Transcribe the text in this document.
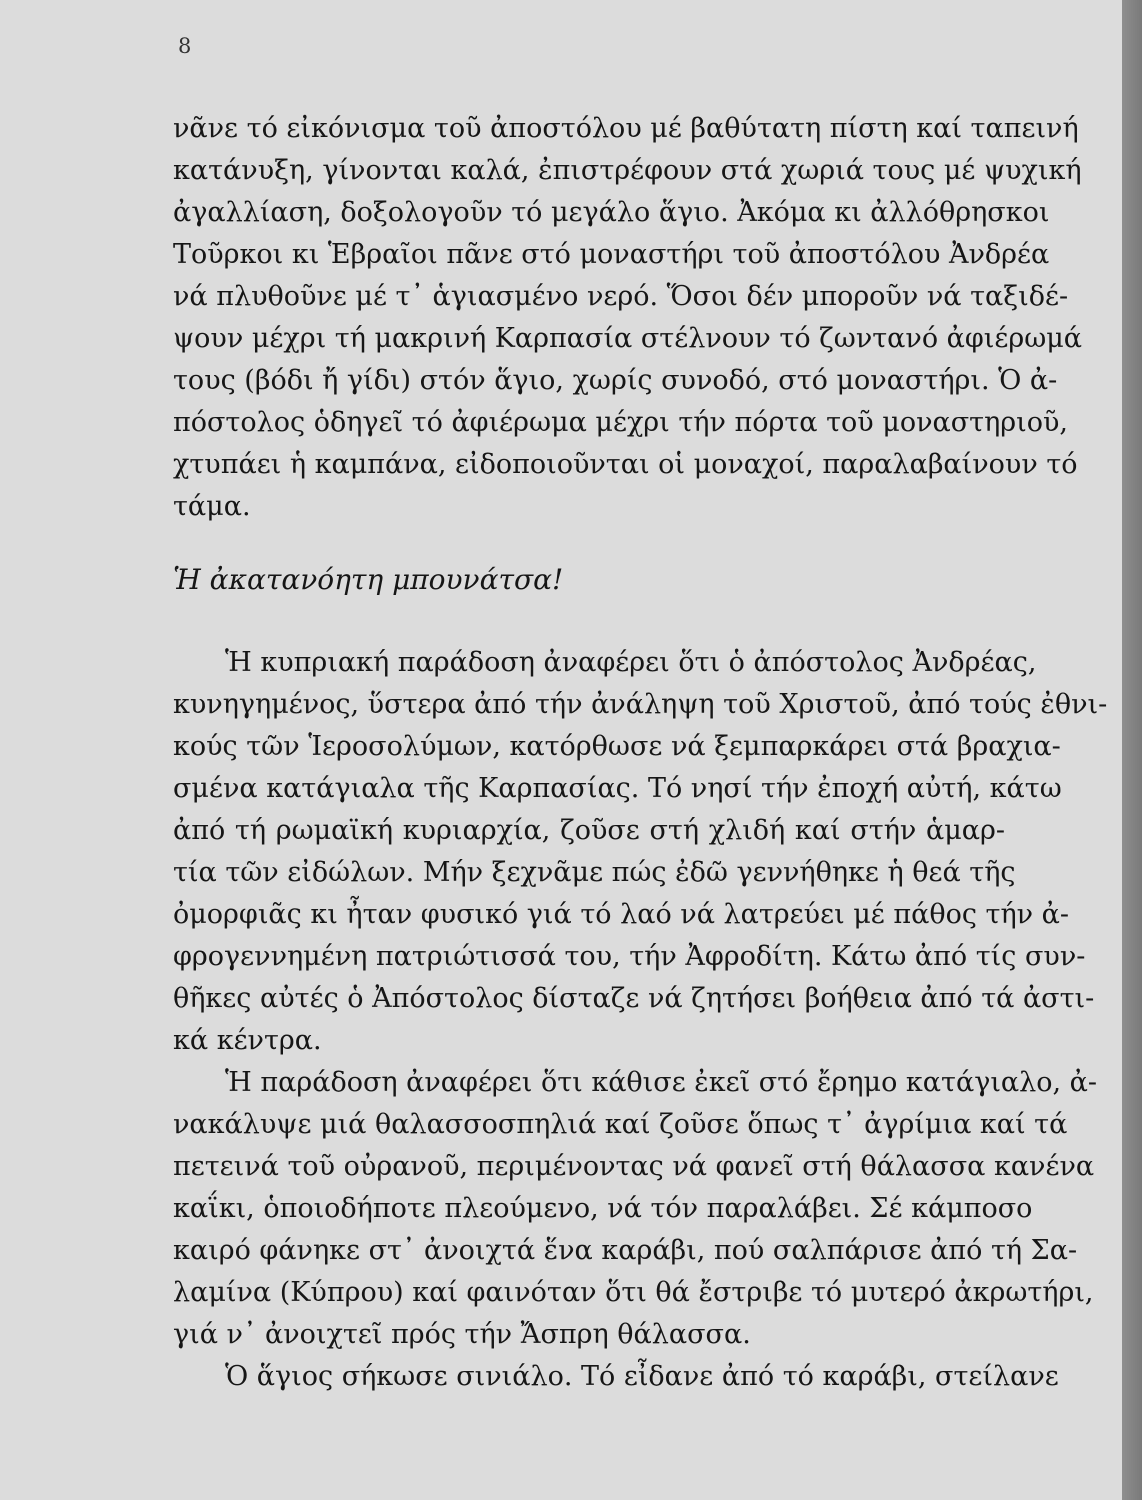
8
νᾶνε τό εἰκόνισμα τοῦ ἀποστόλου μέ βαθύτατη πίστη καί ταπεινή
κατάνυξη, γίνονται καλά, ἐπιστρέφουν στά χωριά τους μέ ψυχική
ἀγαλλίαση, δοξολογοῦν τό μεγάλο ἅγιο. Ἀκόμα κι ἀλλόθρησκοι
Τοῦρκοι κι Ἑβραῖοι πᾶνε στό μοναστήρι τοῦ ἀποστόλου Ἀνδρέα
νά πλυθοῦνε μέ τ᾽ ἁγιασμένο νερό. Ὅσοι δέν μποροῦν νά ταξιδέ-
ψουν μέχρι τή μακρινή Καρπασία στέλνουν τό ζωντανό ἀφιέρωμά
τους (βόδι ἤ γίδι) στόν ἅγιο, χωρίς συνοδό, στό μοναστήρι. Ὁ ἀ-
πόστολος ὁδηγεῖ τό ἀφιέρωμα μέχρι τήν πόρτα τοῦ μοναστηριοῦ,
χτυπάει ἡ καμπάνα, εἰδοποιοῦνται οἱ μοναχοί, παραλαβαίνουν τό
τάμα.
Ἡ ἀκατανόητη μπουνάτσα!
Ἡ κυπριακή παράδοση ἀναφέρει ὅτι ὁ ἀπόστολος Ἀνδρέας,
κυνηγημένος, ὕστερα ἀπό τήν ἀνάληψη τοῦ Χριστοῦ, ἀπό τούς ἐθνι-
κούς τῶν Ἱεροσολύμων, κατόρθωσε νά ξεμπαρκάρει στά βραχια-
σμένα κατάγιαλα τῆς Καρπασίας. Τό νησί τήν ἐποχή αὐτή, κάτω
ἀπό τή ρωμαϊκή κυριαρχία, ζοῦσε στή χλιδή καί στήν ἁμαρ-
τία τῶν εἰδώλων. Μήν ξεχνᾶμε πώς ἐδῶ γεννήθηκε ἡ θεά τῆς
ὀμορφιᾶς κι ἦταν φυσικό γιά τό λαό νά λατρεύει μέ πάθος τήν ἀ-
φρογεννημένη πατριώτισσά του, τήν Ἀφροδίτη. Κάτω ἀπό τίς συν-
θῆκες αὐτές ὁ Ἀπόστολος δίσταζε νά ζητήσει βοήθεια ἀπό τά ἀστι-
κά κέντρα.
Ἡ παράδοση ἀναφέρει ὅτι κάθισε ἐκεῖ στό ἔρημο κατάγιαλο, ἀ-
νακάλυψε μιά θαλασσοσπηλιά καί ζοῦσε ὅπως τ᾽ ἀγρίμια καί τά
πετεινά τοῦ οὐρανοῦ, περιμένοντας νά φανεῖ στή θάλασσα κανένα
καΐκι, ὁποιοδήποτε πλεούμενο, νά τόν παραλάβει. Σέ κάμποσο
καιρό φάνηκε στ᾽ ἀνοιχτά ἕνα καράβι, πού σαλπάρισε ἀπό τή Σα-
λαμίνα (Κύπρου) καί φαινόταν ὅτι θά ἔστριβε τό μυτερό ἀκρωτήρι,
γιά ν᾽ ἀνοιχτεῖ πρός τήν Ἄσπρη θάλασσα.
Ὁ ἅγιος σήκωσε σινιάλο. Τό εἶδανε ἀπό τό καράβι, στείλανε
